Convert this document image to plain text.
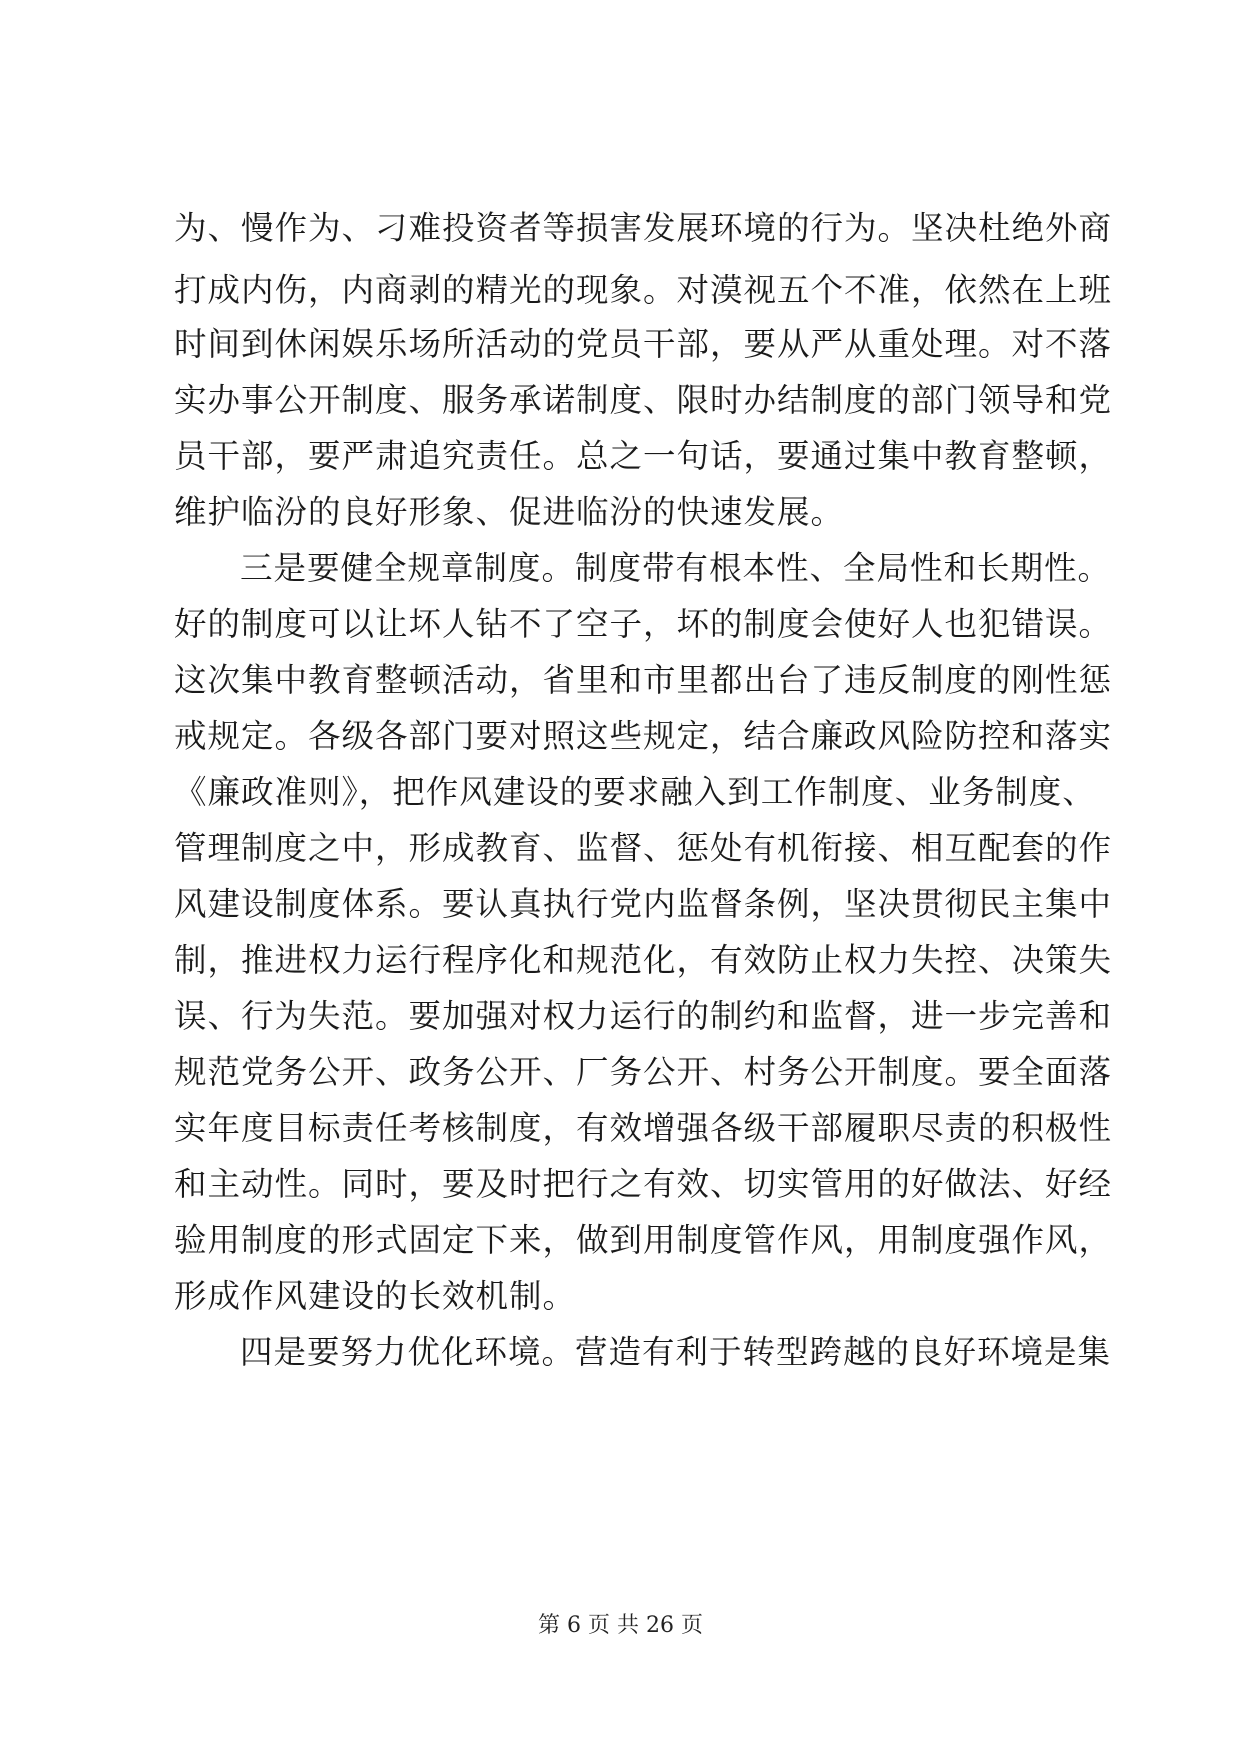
为、慢作为、刁难投资者等损害发展环境的行为。坚决杜绝外商
打成内伤，内商剥的精光的现象。对漠视五个不准，依然在上班
时间到休闲娱乐场所活动的党员干部，要从严从重处理。对不落
实办事公开制度、服务承诺制度、限时办结制度的部门领导和党
员干部，要严肃追究责任。总之一句话，要通过集中教育整顿，
维护临汾的良好形象、促进临汾的快速发展。
三是要健全规章制度。制度带有根本性、全局性和长期性。
好的制度可以让坏人钻不了空子，坏的制度会使好人也犯错误。
这次集中教育整顿活动，省里和市里都出台了违反制度的刚性惩
戒规定。各级各部门要对照这些规定，结合廉政风险防控和落实
《廉政准则》，把作风建设的要求融入到工作制度、业务制度、
管理制度之中，形成教育、监督、惩处有机衔接、相互配套的作
风建设制度体系。要认真执行党内监督条例，坚决贯彻民主集中
制，推进权力运行程序化和规范化，有效防止权力失控、决策失
误、行为失范。要加强对权力运行的制约和监督，进一步完善和
规范党务公开、政务公开、厂务公开、村务公开制度。要全面落
实年度目标责任考核制度，有效增强各级干部履职尽责的积极性
和主动性。同时，要及时把行之有效、切实管用的好做法、好经
验用制度的形式固定下来，做到用制度管作风，用制度强作风，
形成作风建设的长效机制。
四是要努力优化环境。营造有利于转型跨越的良好环境是集
第 6 页 共 26 页
